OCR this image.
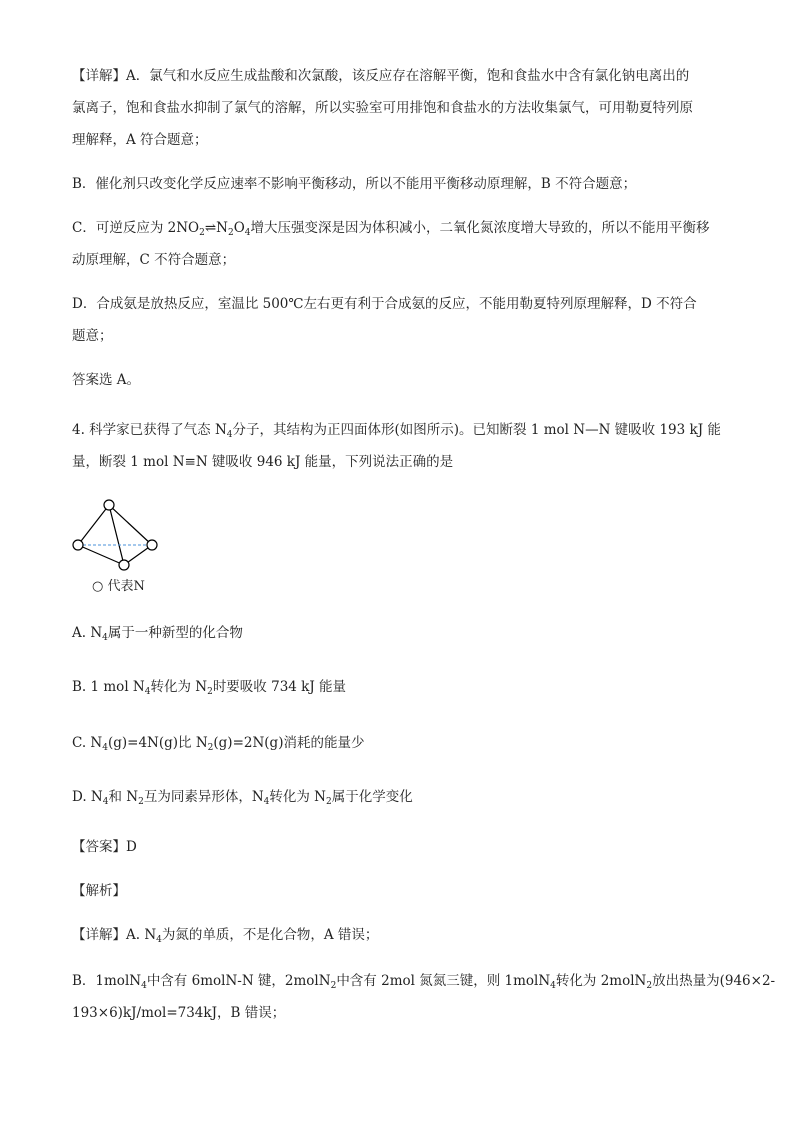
【详解】A．氯气和水反应生成盐酸和次氯酸，该反应存在溶解平衡，饱和食盐水中含有氯化钠电离出的
氯离子，饱和食盐水抑制了氯气的溶解，所以实验室可用排饱和食盐水的方法收集氯气，可用勒夏特列原
理解释，A 符合题意；
B．催化剂只改变化学反应速率不影响平衡移动，所以不能用平衡移动原理解，B 不符合题意；
C．可逆反应为 $2NO_2\rightleftharpoons N_2O_4$增大压强变深是因为体积减小，二氧化氮浓度增大导致的，所以不能用平衡移
动原理解，C 不符合题意；
D．合成氨是放热反应，室温比 500℃左右更有利于合成氨的反应，不能用勒夏特列原理解释，D 不符合
题意；
答案选 A。
4. 科学家已获得了气态 $N_4$分子，其结构为正四面体形(如图所示)。已知断裂 1 mol N—N 键吸收 193 kJ 能
量，断裂 1 mol N≡N 键吸收 946 kJ 能量，下列说法正确的是
○ 代表N
A. $N_4$属于一种新型的化合物
B. 1 mol $N_4$转化为 $N_2$时要吸收 734 kJ 能量
C. $N_4(g)=4N(g)$比 $N_2(g)=2N(g)$消耗的能量少
D. $N_4$和 $N_2$互为同素异形体，$N_4$转化为 $N_2$属于化学变化
【答案】D
【解析】
【详解】A. $N_4$为氮的单质，不是化合物，A 错误；
B．1molN$_4$中含有 6molN-N 键，2molN$_2$中含有 2mol 氮氮三键，则 1molN$_4$转化为 2molN$_2$放出热量为(946×2-
193×6)kJ/mol=734kJ，B 错误；
